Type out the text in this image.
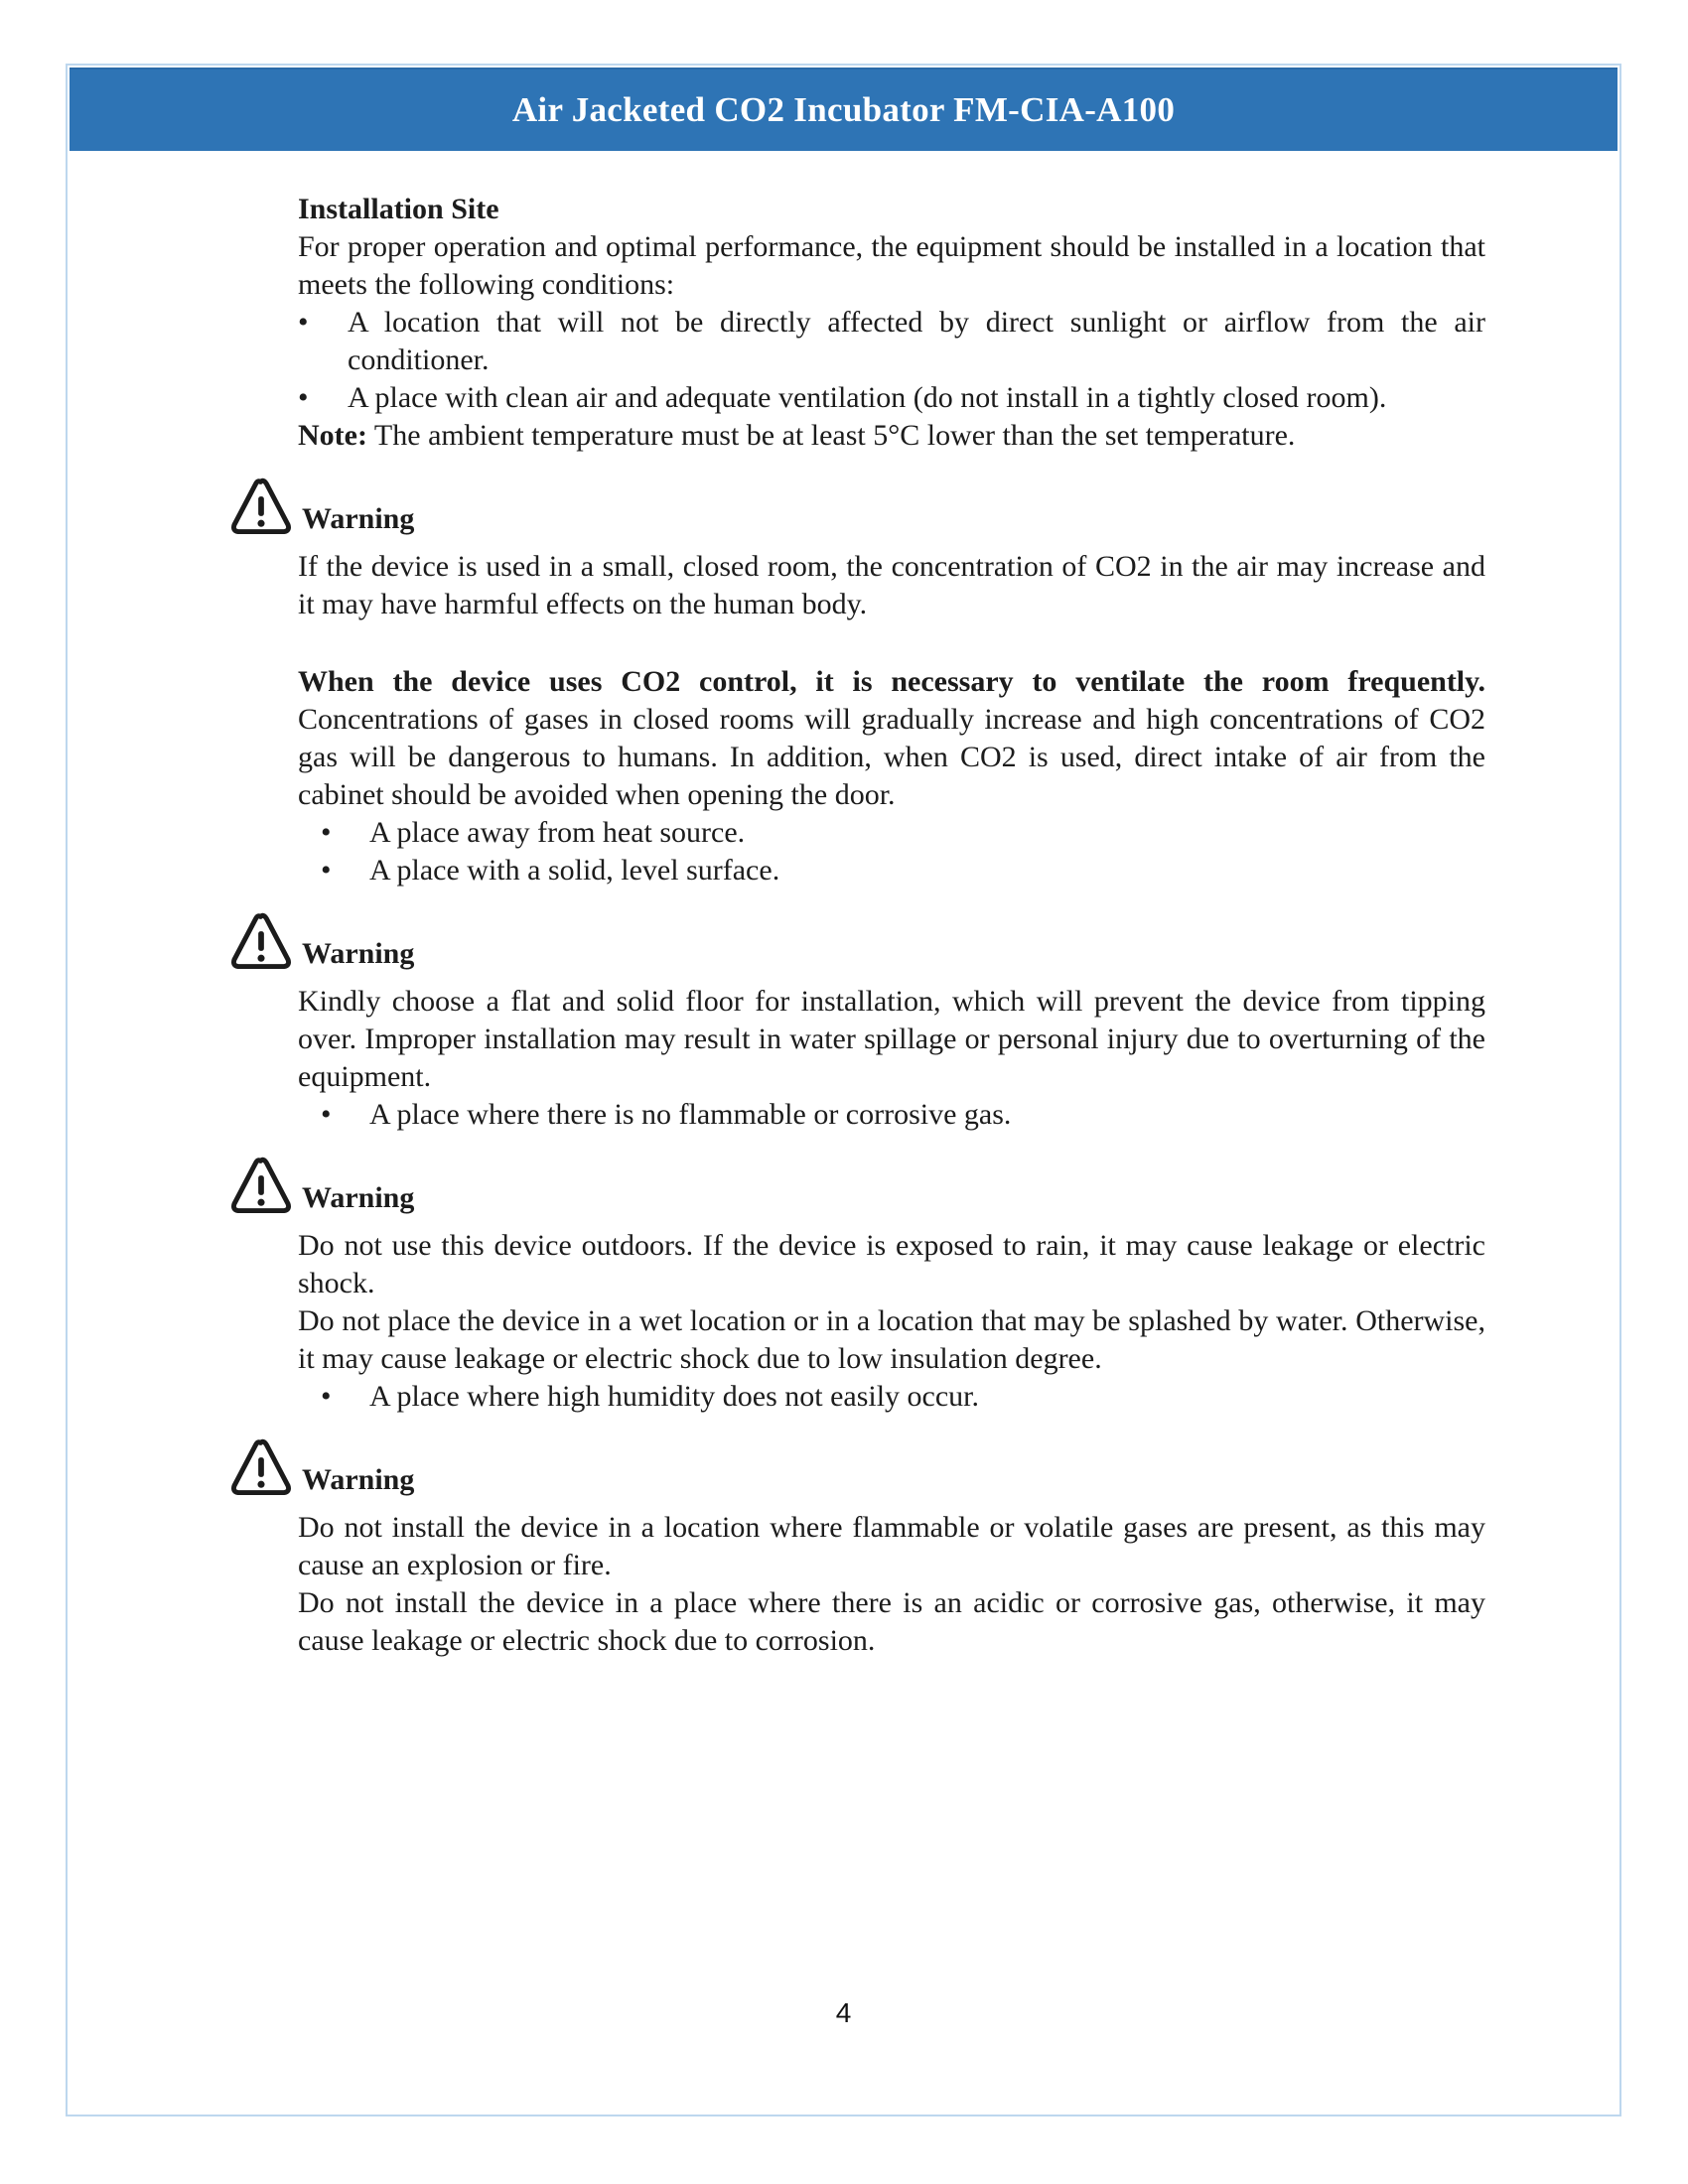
Air Jacketed CO2 Incubator FM-CIA-A100
Installation Site

For proper operation and optimal performance, the equipment should be installed in a location that meets the following conditions:

•	A location that will not be directly affected by direct sunlight or airflow from the air conditioner.
•	A place with clean air and adequate ventilation (do not install in a tightly closed room).

Note: The ambient temperature must be at least 5°C lower than the set temperature.

Warning

If the device is used in a small, closed room, the concentration of CO2 in the air may increase and it may have harmful effects on the human body.

When the device uses CO2 control, it is necessary to ventilate the room frequently. Concentrations of gases in closed rooms will gradually increase and high concentrations of CO2 gas will be dangerous to humans. In addition, when CO2 is used, direct intake of air from the cabinet should be avoided when opening the door.

•	A place away from heat source.
•	A place with a solid, level surface.
Warning

Kindly choose a flat and solid floor for installation, which will prevent the device from tipping over. Improper installation may result in water spillage or personal injury due to overturning of the equipment.

•	A place where there is no flammable or corrosive gas.
Warning

Do not use this device outdoors. If the device is exposed to rain, it may cause leakage or electric shock.

Do not place the device in a wet location or in a location that may be splashed by water. Otherwise, it may cause leakage or electric shock due to low insulation degree.

•	A place where high humidity does not easily occur.
Warning

Do not install the device in a location where flammable or volatile gases are present, as this may cause an explosion or fire.

Do not install the device in a place where there is an acidic or corrosive gas, otherwise, it may cause leakage or electric shock due to corrosion.

4
